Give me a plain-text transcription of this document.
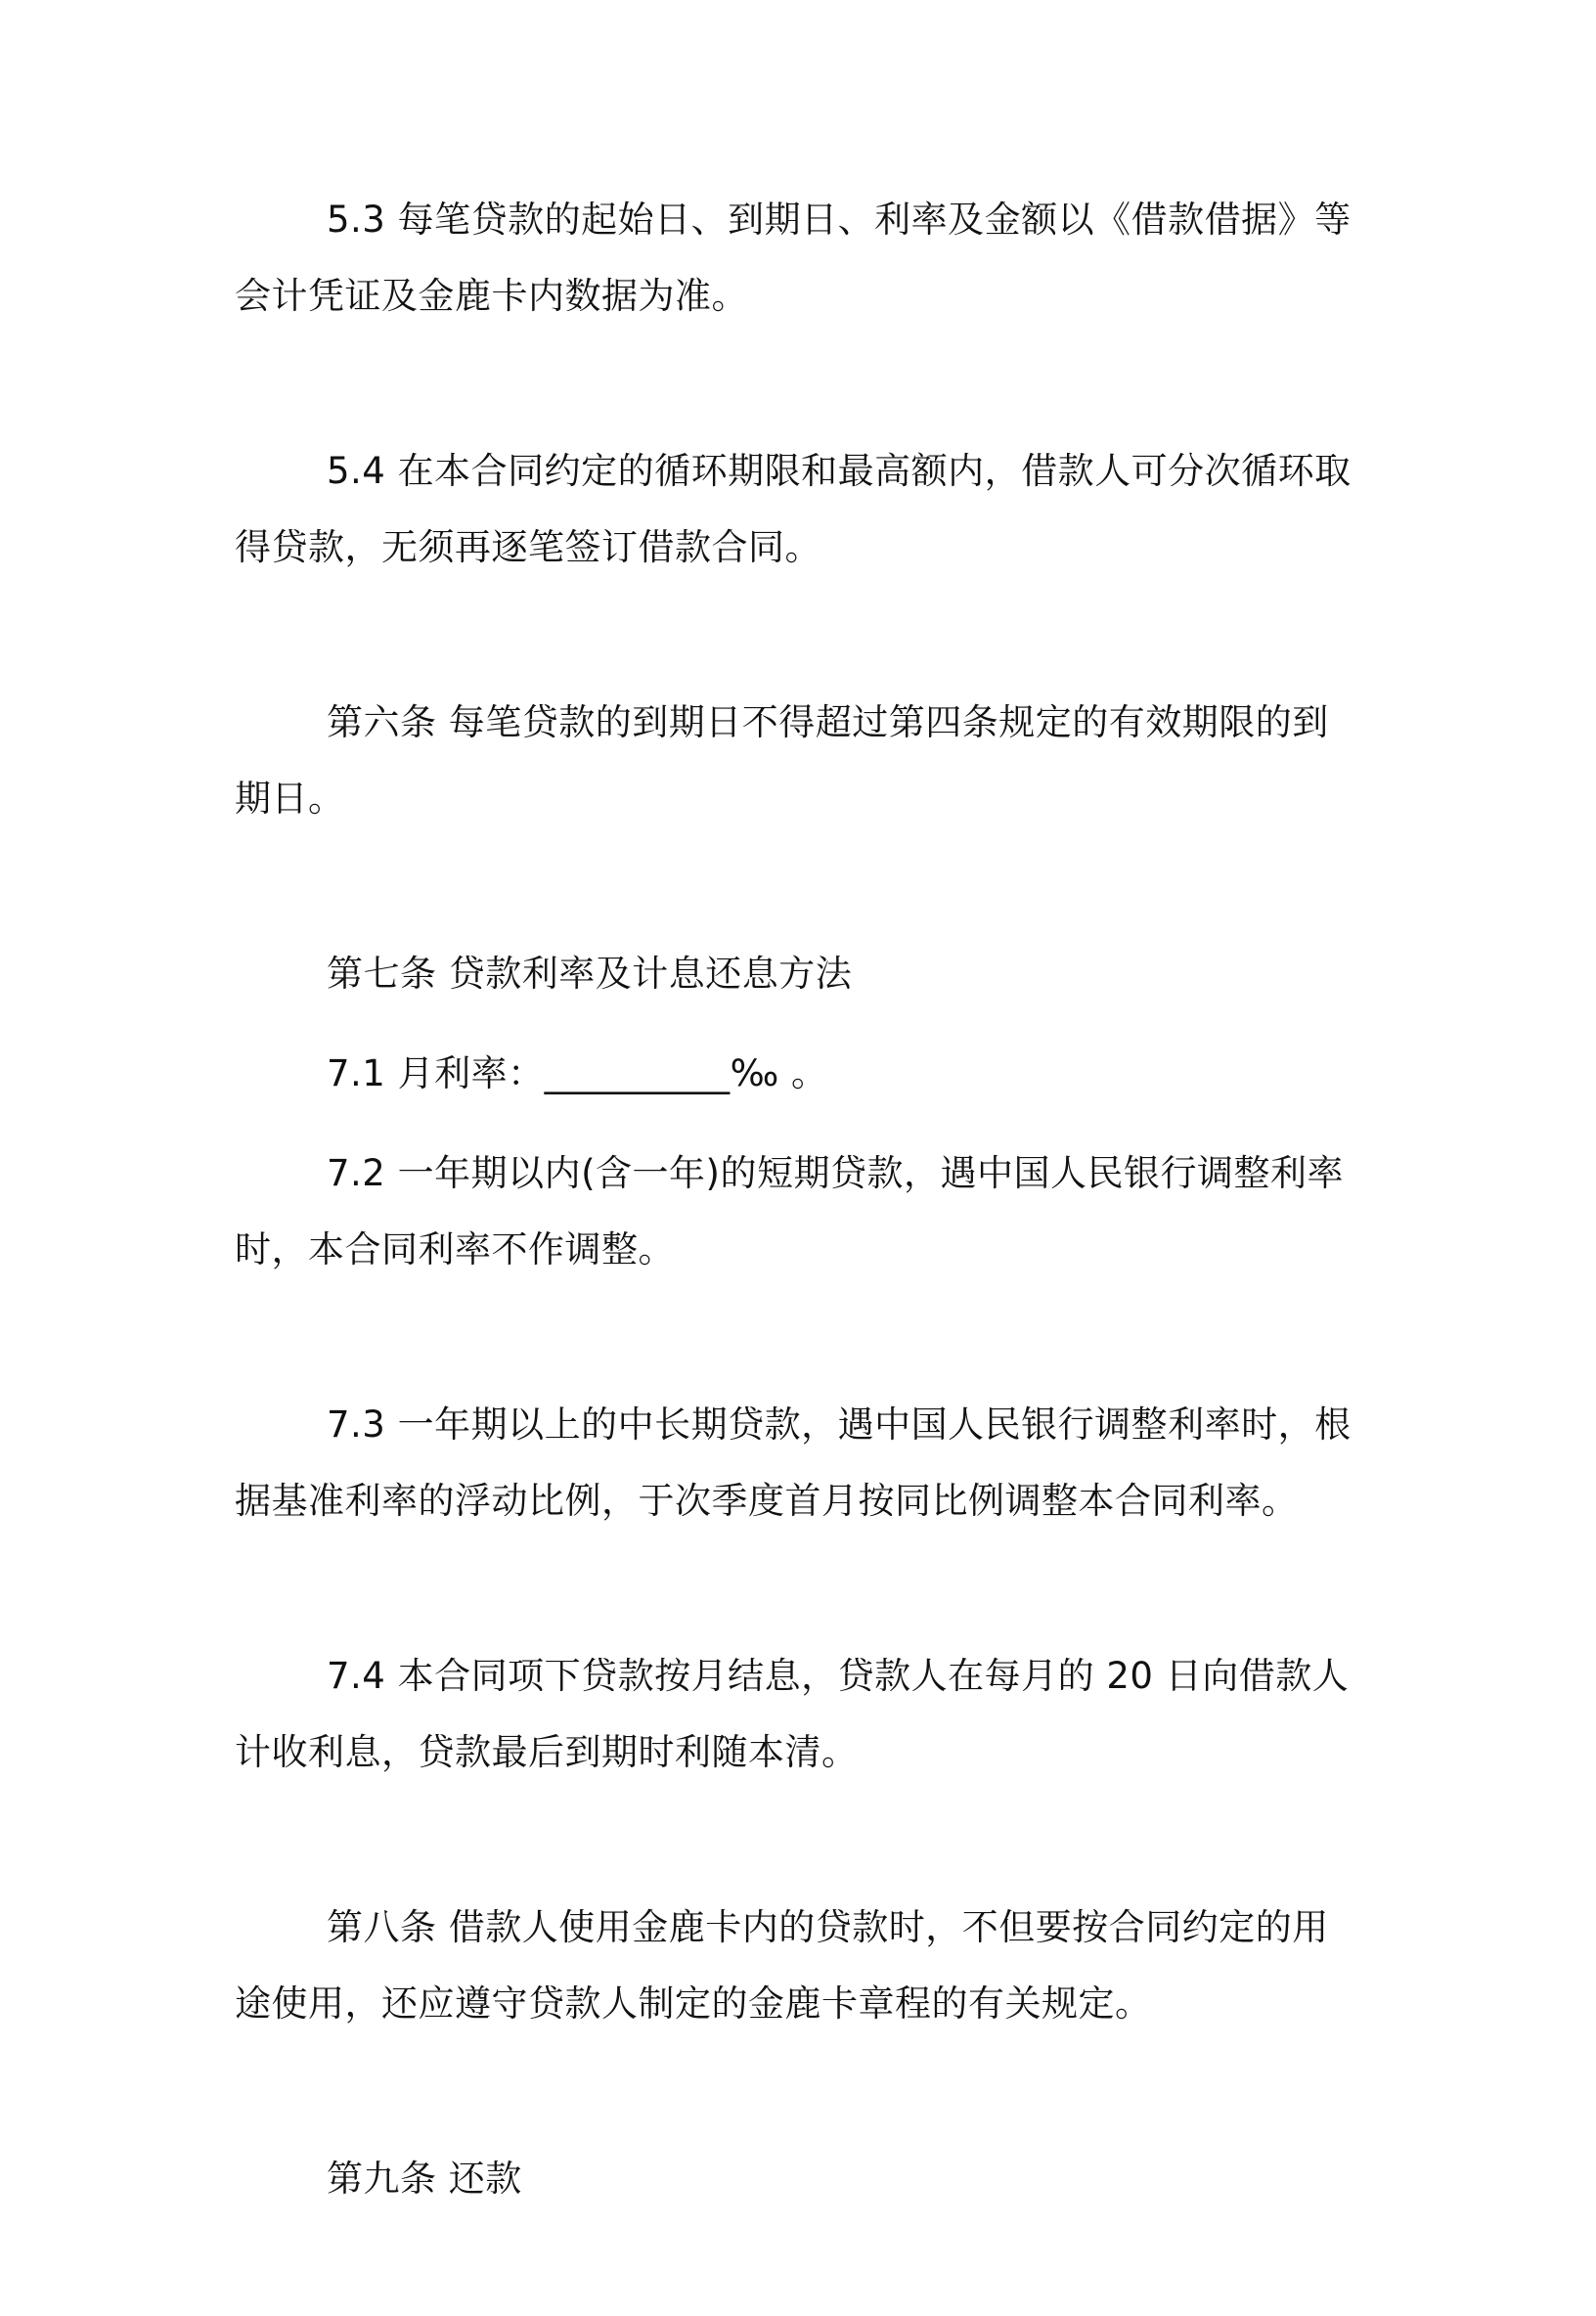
5.3 每笔贷款的起始日、到期日、利率及金额以《借款借据》等会计凭证及金鹿卡内数据为准。

5.4 在本合同约定的循环期限和最高额内，借款人可分次循环取得贷款，无须再逐笔签订借款合同。

第六条 每笔贷款的到期日不得超过第四条规定的有效期限的到期日。

第七条 贷款利率及计息还息方法

7.1 月利率：__________‰ 。

7.2 一年期以内(含一年)的短期贷款，遇中国人民银行调整利率时，本合同利率不作调整。

7.3 一年期以上的中长期贷款，遇中国人民银行调整利率时，根据基准利率的浮动比例，于次季度首月按同比例调整本合同利率。

7.4 本合同项下贷款按月结息，贷款人在每月的 20 日向借款人计收利息，贷款最后到期时利随本清。

第八条 借款人使用金鹿卡内的贷款时，不但要按合同约定的用途使用，还应遵守贷款人制定的金鹿卡章程的有关规定。

第九条 还款
